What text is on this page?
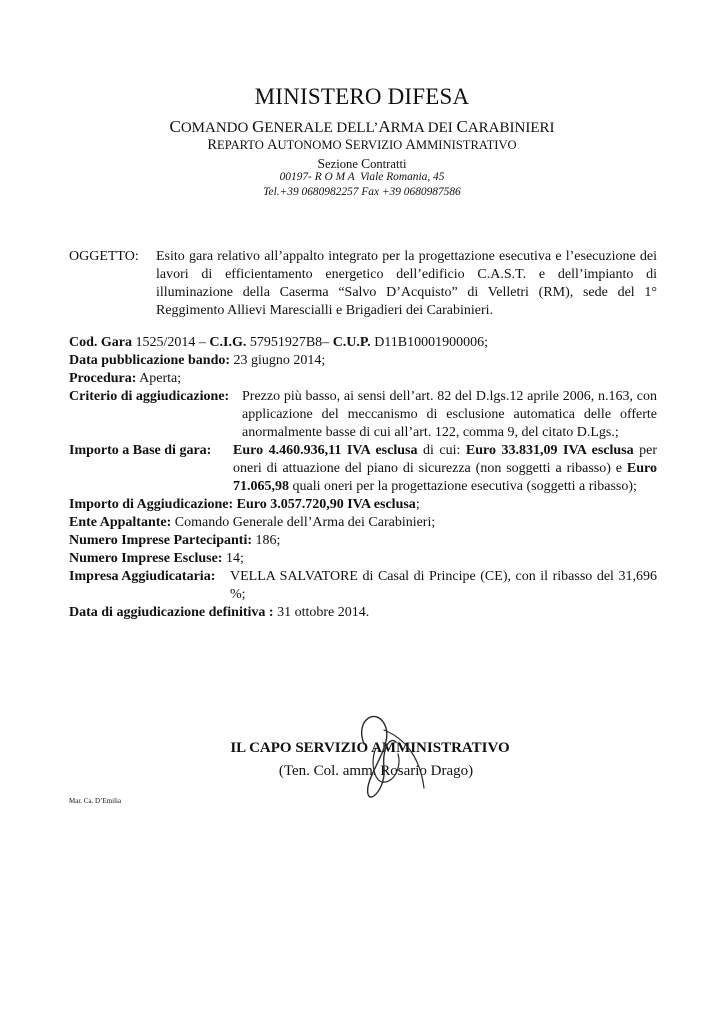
MINISTERO DIFESA
COMANDO GENERALE DELL’ARMA DEI CARABINIERI
REPARTO AUTONOMO SERVIZIO AMMINISTRATIVO
Sezione Contratti
00197- R O M A  Viale Romania, 45
Tel.+39 0680982257 Fax +39 0680987586
OGGETTO: Esito gara relativo all’appalto integrato per la progettazione esecutiva e l’esecuzione dei lavori di efficientamento energetico dell’edificio C.A.S.T. e dell’impianto di illuminazione della Caserma “Salvo D’Acquisto” di Velletri (RM), sede del 1° Reggimento Allievi Marescialli e Brigadieri dei Carabinieri.
Cod. Gara 1525/2014 – C.I.G. 57951927B8– C.U.P. D11B10001900006;
Data pubblicazione bando: 23 giugno 2014;
Procedura: Aperta;
Criterio di aggiudicazione: Prezzo più basso, ai sensi dell’art. 82 del D.lgs.12 aprile 2006, n.163, con applicazione del meccanismo di esclusione automatica delle offerte anormalmente basse di cui all’art. 122, comma 9, del citato D.Lgs.;
Importo a Base di gara:	Euro 4.460.936,11 IVA esclusa di cui: Euro 33.831,09 IVA esclusa per oneri di attuazione del piano di sicurezza (non soggetti a ribasso) e Euro 71.065,98 quali oneri per la progettazione esecutiva (soggetti a ribasso);
Importo di Aggiudicazione: Euro 3.057.720,90 IVA esclusa;
Ente Appaltante: Comando Generale dell’Arma dei Carabinieri;
Numero Imprese Partecipanti: 186;
Numero Imprese Escluse: 14;
Impresa Aggiudicataria:	VELLA SALVATORE di Casal di Principe (CE), con il ribasso del 31,696 %;
Data di aggiudicazione definitiva : 31 ottobre 2014.
IL CAPO SERVIZIO AMMINISTRATIVO
(Ten. Col. amm. Rosario Drago)
Mar. Ca. D’Emilia
